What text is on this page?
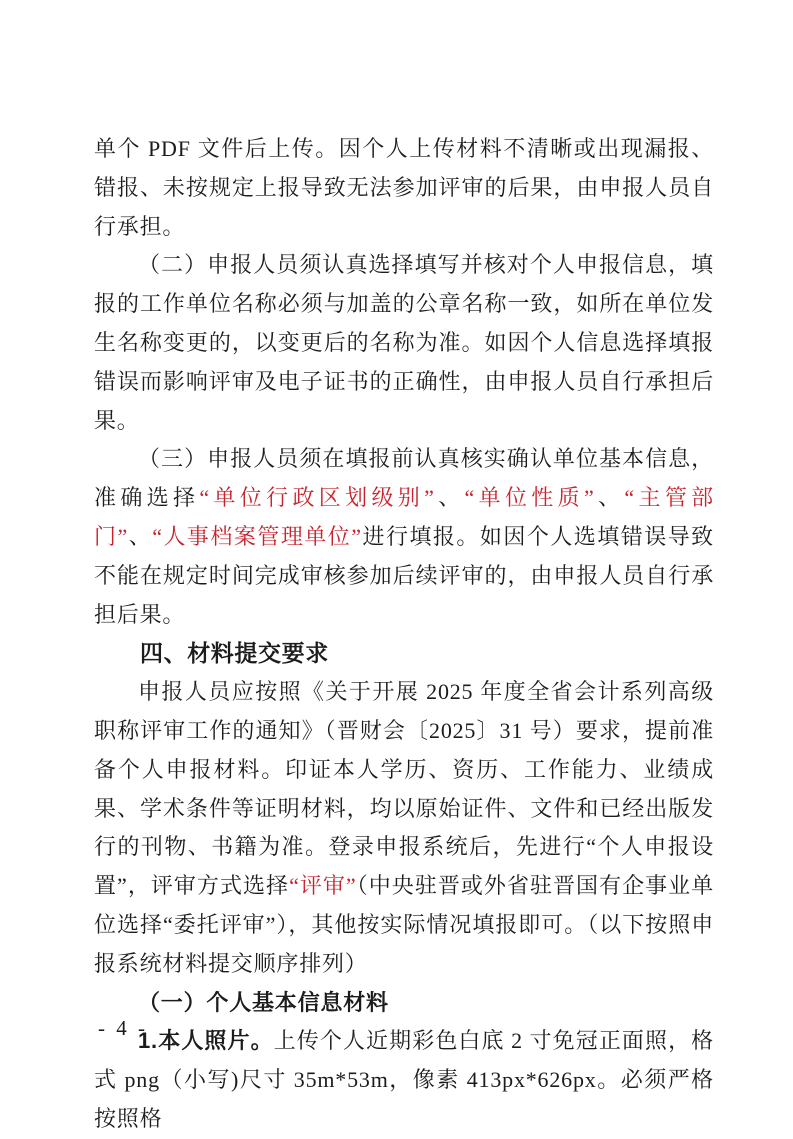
单个 PDF 文件后上传。因个人上传材料不清晰或出现漏报、错报、未按规定上报导致无法参加评审的后果，由申报人员自行承担。

（二）申报人员须认真选择填写并核对个人申报信息，填报的工作单位名称必须与加盖的公章名称一致，如所在单位发生名称变更的，以变更后的名称为准。如因个人信息选择填报错误而影响评审及电子证书的正确性，由申报人员自行承担后果。

（三）申报人员须在填报前认真核实确认单位基本信息，准确选择“单位行政区划级别”、“单位性质”、“主管部门”、“人事档案管理单位”进行填报。如因个人选填错误导致不能在规定时间完成审核参加后续评审的，由申报人员自行承担后果。

四、材料提交要求

申报人员应按照《关于开展 2025 年度全省会计系列高级职称评审工作的通知》（晋财会〔2025〕31 号）要求，提前准备个人申报材料。印证本人学历、资历、工作能力、业绩成果、学术条件等证明材料，均以原始证件、文件和已经出版发行的刊物、书籍为准。登录申报系统后，先进行“个人申报设置”，评审方式选择“评审”（中央驻晋或外省驻晋国有企事业单位选择“委托评审”），其他按实际情况填报即可。（以下按照申报系统材料提交顺序排列）

（一）个人基本信息材料

1.本人照片。上传个人近期彩色白底 2 寸免冠正面照，格式 png（小写)尺寸 35m*53m，像素 413px*626px。必须严格按照格

- 4 -
